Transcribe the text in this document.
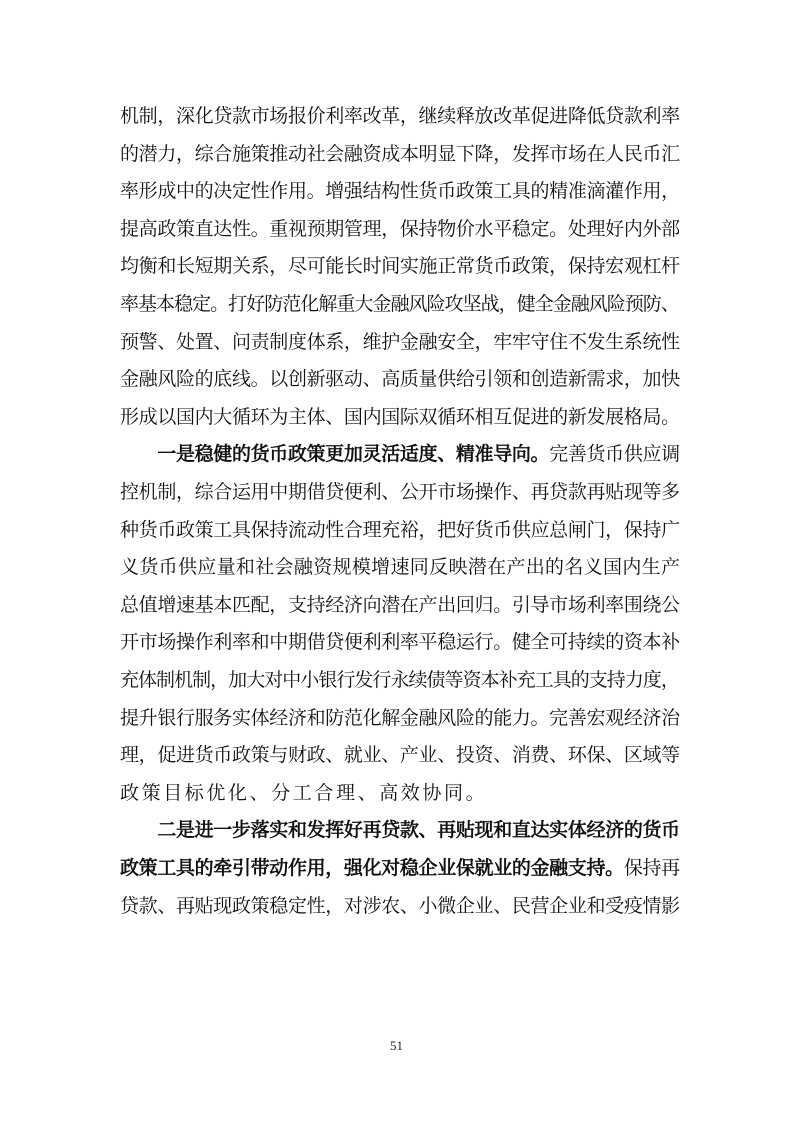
机制，深化贷款市场报价利率改革，继续释放改革促进降低贷款利率
的潜力，综合施策推动社会融资成本明显下降，发挥市场在人民币汇
率形成中的决定性作用。增强结构性货币政策工具的精准滴灌作用，
提高政策直达性。重视预期管理，保持物价水平稳定。处理好内外部
均衡和长短期关系，尽可能长时间实施正常货币政策，保持宏观杠杆
率基本稳定。打好防范化解重大金融风险攻坚战，健全金融风险预防、
预警、处置、问责制度体系，维护金融安全，牢牢守住不发生系统性
金融风险的底线。以创新驱动、高质量供给引领和创造新需求，加快
形成以国内大循环为主体、国内国际双循环相互促进的新发展格局。
　　一是稳健的货币政策更加灵活适度、精准导向。完善货币供应调
控机制，综合运用中期借贷便利、公开市场操作、再贷款再贴现等多
种货币政策工具保持流动性合理充裕，把好货币供应总闸门，保持广
义货币供应量和社会融资规模增速同反映潜在产出的名义国内生产
总值增速基本匹配，支持经济向潜在产出回归。引导市场利率围绕公
开市场操作利率和中期借贷便利利率平稳运行。健全可持续的资本补
充体制机制，加大对中小银行发行永续债等资本补充工具的支持力度，
提升银行服务实体经济和防范化解金融风险的能力。完善宏观经济治
理，促进货币政策与财政、就业、产业、投资、消费、环保、区域等
政策目标优化、分工合理、高效协同。
　　二是进一步落实和发挥好再贷款、再贴现和直达实体经济的货币
政策工具的牵引带动作用，强化对稳企业保就业的金融支持。保持再
贷款、再贴现政策稳定性，对涉农、小微企业、民营企业和受疫情影
51
